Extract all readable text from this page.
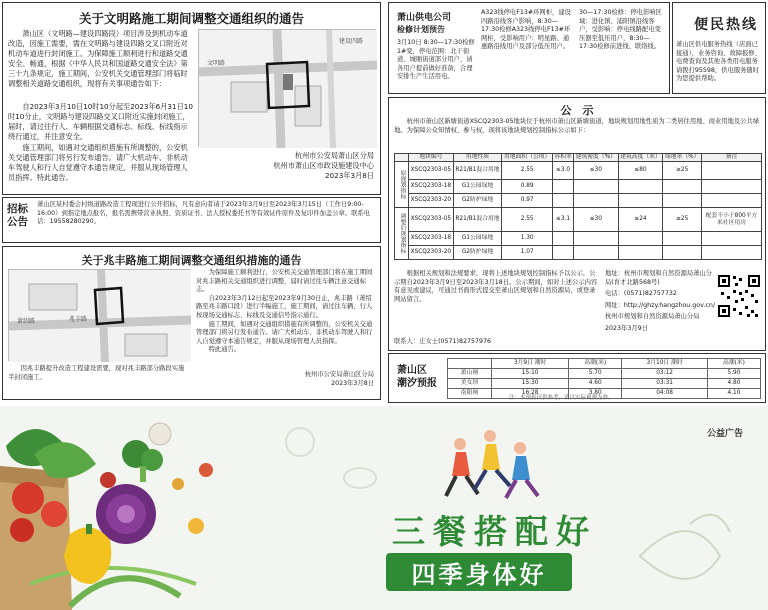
关于文明路施工期间调整交通组织的通告

萧山区（文明路—建设四路段）项目涉及到机动车道改造，因施工需要，需在文明路与建设四路交叉口附近对机动车道进行封闭施工。为保障施工顺利进行和道路交通安全、畅通，根据《中华人民共和国道路交通安全法》第三十九条规定，施工期间，公安机关交通管理部门将临时调整相关道路交通组织，现将有关事项通告如下：

文明路
建设四路

自2023年3月10日10时10分起至2023年6月31日10时10分止，文明路与建设四路交叉口附近实施封闭施工，届时，请过往行人、车辆根据交通标志、标线、标线指示绕行通过，并注意安全。

施工期间，如遇对交通组织措施有所调整的，公安机关交通管理部门将另行发布通告。请广大机动车、非机动车驾驶人和行人自觉遵守本通告规定，并服从现场管理人员指挥。特此通告。

杭州市公安局萧山区分局
杭州市萧山区市政设施建设中心
2023年3月8日
招标
公告
萧山区某村委会村级道路改造工程现进行公开招标，凡有意向者请于2023年3月9日至2023年3月15日（工作日9:00-16:00）到指定地点报名，报名需携带营业执照、资质证书、法人授权委托书等有效证件原件及复印件加盖公章。联系电话：19558280290。
关于兆丰路施工期间调整交通组织措施的通告
兆丰路
萧绍路
因兆丰路提升改造工程建设需要，现对兆丰路部分路段实施半封闭施工。

为保障施工顺利进行，公安机关交通管理部门将在施工期间对兆丰路相关交通组织进行调整，届时请过往车辆注意交通标志。

自2023年3月12日起至2023年9月30日止，兆丰路（萧绍路至兆丰路口段）进行半幅施工，施工期间，请过往车辆、行人按现场交通标志、标线及交通信号指示通行。

施工期间，如遇对交通组织措施有所调整的，公安机关交通管理部门将另行发布通告。请广大机动车、非机动车驾驶人和行人自觉遵守本通告规定，并服从现场管理人员指挥。

特此通告。

杭州市公安局萧山区分局
2023年3月8日
萧山供电公司
检修计划预告
3月10日 8:30—17:30检修1#变，停电范围：北干街道、城厢街道部分用户，请各用户提前做好准备，合理安排生产生活用电。
A323线停电F13#环网柜，建设四路沿线客户影响，8:30—17:30检修A323线停电F13#环网柜，受影响用户：明星路、通惠路沿线用户及部分低压用户。
30—17:30检修：停电影响区域：进化镇、浦阳镇沿线客户，受影响：停电线路配电变压器至低压用户，8:30—17:30检修前进线、联络线。	萧山区供电服务热线（店面已接通），业务咨询、故障报修、电费查询及其他各类用电服务请拨打95598，供电服务随时为您提供帮助。
便民热线
公　示
杭州市萧山区新塘街道XSCQ2303-05地块位于杭州市萧山区新塘街道，地块规划用地性质为二类居住用地、商业用地及公共绿地。为保障公众知情权、参与权，现将该地块规划控制指标公示如下：
	地块编号	用地性质	用地面积（公顷）	容积率	建筑密度（%）	建筑高度（米）	绿地率（%）	备注
原规划指标	XSCQ2303-05	R21/B1混合用地	2.55	≤3.0	≤30	≤80	≥25	
	XSCQ2303-18	G1公园绿地	0.89					
	XSCQ2303-20	G2防护绿地	0.97					
调整后规划指标	XSCQ2303-05	R21/B1混合用地	2.55	≤3.1	≤30	≤24	≥25	配套不小于800平方米社区用房
	XSCQ2303-18	G1公园绿地	1.30					
	XSCQ2303-20	G2防护绿地	1.07					
根据相关规划和法规要求，现将上述地块规划控制指标予以公示，公示期自2023年3月9日至2023年3月18日。公示期间，如对上述公示内容有意见或建议，可通过书面形式提交至萧山区规划和自然资源局，或登录网站留言。
联系人：庄女士(0571)82757976
地址：杭州市规划和自然资源局萧山分局(育才北路568号)
电话：(0571)82757732
网址：http://ghzy.hangzhou.gov.cn/
杭州市规划和自然资源局萧山分局
2023年3月9日
萧山区
潮汐预报
	3月9日 潮时	高潮(米)	3月10日 潮时	高潮(米)
萧山闸	15:10	5.70	03:12	5.90
美女坝	15:30	4.60	03:31	4.80
南阳闸	16:28	3.80	04:08	4.10
注：本预报仅供参考，请以实际观测为准。
公益广告
三餐搭配好
四季身体好
